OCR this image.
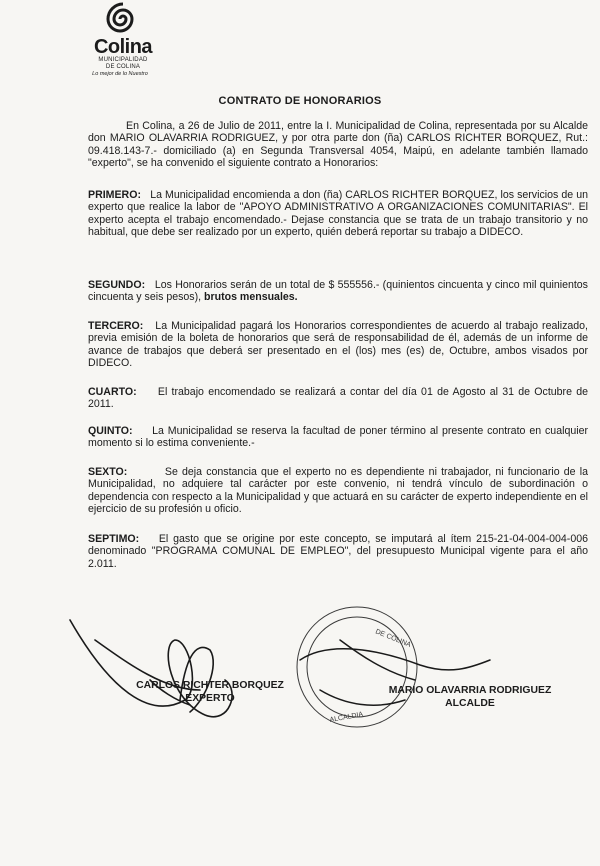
Colina
MUNICIPALIDAD
DE COLINA
Lo mejor de lo Nuestro
CONTRATO DE HONORARIOS

En Colina, a 26 de Julio de 2011, entre la I. Municipalidad de Colina, representada por su Alcalde don MARIO OLAVARRIA RODRIGUEZ, y por otra parte don (ña) CARLOS RICHTER BORQUEZ, Rut.: 09.418.143-7.- domiciliado (a) en Segunda Transversal 4054, Maipú, en adelante también llamado "experto", se ha convenido el siguiente contrato a Honorarios:

PRIMERO: La Municipalidad encomienda a don (ña) CARLOS RICHTER BORQUEZ, los servicios de un experto que realice la labor de "APOYO ADMINISTRATIVO A ORGANIZACIONES COMUNITARIAS". El experto acepta el trabajo encomendado.- Dejase constancia que se trata de un trabajo transitorio y no habitual, que debe ser realizado por un experto, quién deberá reportar su trabajo a DIDECO.

SEGUNDO: Los Honorarios serán de un total de $ 555556.- (quinientos cincuenta y cinco mil quinientos cincuenta y seis pesos), brutos mensuales.

TERCERO: La Municipalidad pagará los Honorarios correspondientes de acuerdo al trabajo realizado, previa emisión de la boleta de honorarios que será de responsabilidad de él, además de un informe de avance de trabajos que deberá ser presentado en el (los) mes (es) de, Octubre, ambos visados por DIDECO.

CUARTO: El trabajo encomendado se realizará a contar del día 01 de Agosto al 31 de Octubre de 2011.

QUINTO: La Municipalidad se reserva la facultad de poner término al presente contrato en cualquier momento si lo estima conveniente.-

SEXTO:	Se deja constancia que el experto no es dependiente ni trabajador, ni funcionario de la Municipalidad, no adquiere tal carácter por este convenio, ni tendrá vínculo de subordinación o dependencia con respecto a la Municipalidad y que actuará en su carácter de experto independiente en el ejercicio de su profesión u oficio.

SEPTIMO: El gasto que se origine por este concepto, se imputará al ítem 215-21-04-004-004-006 denominado "PROGRAMA COMUNAL DE EMPLEO", del presupuesto Municipal vigente para el año 2.011.

DE COLINA
ALCALDIA
CARLOS RICHTER BORQUEZ
EXPERTO
MARIO OLAVARRIA RODRIGUEZ
ALCALDE
